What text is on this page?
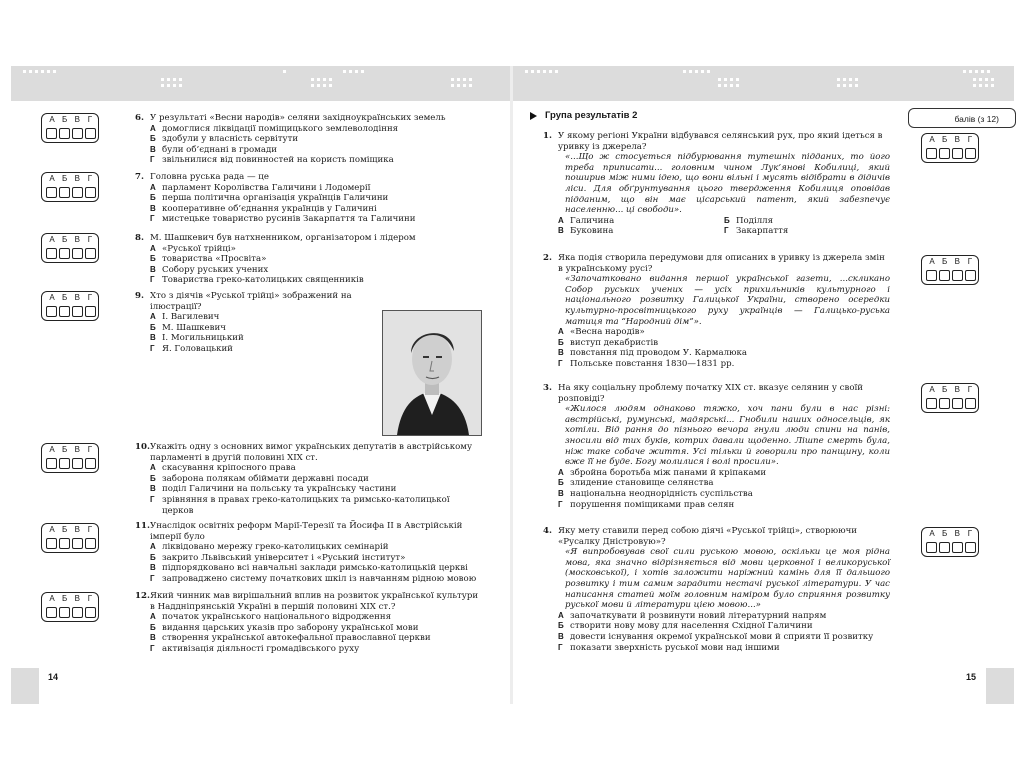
14	15
Група результатів 2	балів (з 12)
А Б В Г
А Б В Г
А Б В Г
А Б В Г
А Б В Г
А Б В Г
А Б В Г
А Б В Г
А Б В Г
А Б В Г
А Б В Г
6. У результаті «Весни народів» селяни західноукраїнських земель
А домоглися ліквідації поміщицького землеволодіння
Б здобули у власність сервітути
В були об’єднані в громади
Г звільнилися від повинностей на користь поміщика
7. Головна руська рада — це
А парламент Королівства Галичини і Лодомерії
Б перша політична організація українців Галичини
В кооперативне об’єднання українців у Галичині
Г мистецьке товариство русинів Закарпаття та Галичини
8. М. Шашкевич був натхненником, організатором і лідером
А «Руської трійці»
Б товариства «Просвіта»
В Собору руських учених
Г Товариства греко-католицьких священників
9. Хто з діячів «Руської трійці» зображений на ілюстрації?
А І. Вагилевич
Б М. Шашкевич
В І. Могильницький
Г Я. Головацький
10. Укажіть одну з основних вимог українських депутатів в австрійському парламенті в другій половині XIX ст.
А скасування кріпосного права
Б заборона полякам обіймати державні посади
В поділ Галичини на польську та українську частини
Г зрівняння в правах греко-католицьких та римсько-католицької церков
11. Унаслідок освітніх реформ Марії-Терезії та Йосифа II в Австрійській імперії було
А ліквідовано мережу греко-католицьких семінарій
Б закрито Львівський університет і «Руський інститут»
В підпорядковано всі навчальні заклади римсько-католицькій церкві
Г запроваджено систему початкових шкіл із навчанням рідною мовою
12. Який чинник мав вирішальний вплив на розвиток української культури в Наддніпрянській Україні в першій половині XIX ст.?
А початок українського національного відродження
Б видання царських указів про заборону української мови
В створення української автокефальної православної церкви
Г активізація діяльності громадівського руху
1. У якому регіоні України відбувався селянський рух, про який ідеться в уривку із джерела?
«...Що ж стосується підбурювання тутешніх підданих, то його треба приписати... головним чином Лук’янові Кобилиці, який поширив між ними ідею, що вони вільні і мусять відібрати в дідичів ліси. Для обґрунтування цього твердження Кобилиця оповідав підданим, що він має цісарський патент, який забезпечує населенню... ці свободи».
А Галичина	Б Поділля
В Буковина	Г Закарпаття
2. Яка подія створила передумови для описаних в уривку із джерела змін в українському русі?
«Започатковано видання першої української газети, ...скликано Собор руських учених — усіх прихильників культурного і національного розвитку Галицької України, створено осередки культурно-просвітницького руху українців — Галицько-руська матиця та “Народний дім”».
А «Весна народів»
Б виступ декабристів
В повстання під проводом У. Кармалюка
Г Польське повстання 1830—1831 рр.
3. На яку соціальну проблему початку XIX ст. вказує селянин у своїй розповіді?
«Жилося людям однаково тяжко, хоч пани були в нас різні: австрійські, румунські, мадярські... Гнобили наших односельців, як хотіли. Від рання до пізнього вечора гнули люди спини на панів, зносили від тих буків, котрих давали щоденно. Лішпе смерть була, ніж таке собаче життя. Усі тільки й говорили про панщину, коли вже її не буде. Богу молилися і волі просили».
А збройна боротьба між панами й кріпаками
Б злидение становище селянства
В національна неоднорідність суспільства
Г порушення поміщиками прав селян
4. Яку мету ставили перед собою діячі «Руської трійці», створюючи «Русалку Дністровую»?
«Я випробовував свої сили руською мовою, оскільки це моя рідна мова, яка значно відрізняється від мови церковної і великоруської (московської), і хотів заложити наріжний камінь для її дальшого розвитку і тим самим зарадити нестачі руської літератури. У час написання статей моїм головним наміром було сприяння розвитку руської мови й літератури цією мовою...»
А започаткувати й розвинути новий літературний напрям
Б створити нову мову для населення Східної Галичини
В довести існування окремої української мови й сприяти її розвитку
Г показати зверхність руської мови над іншими
